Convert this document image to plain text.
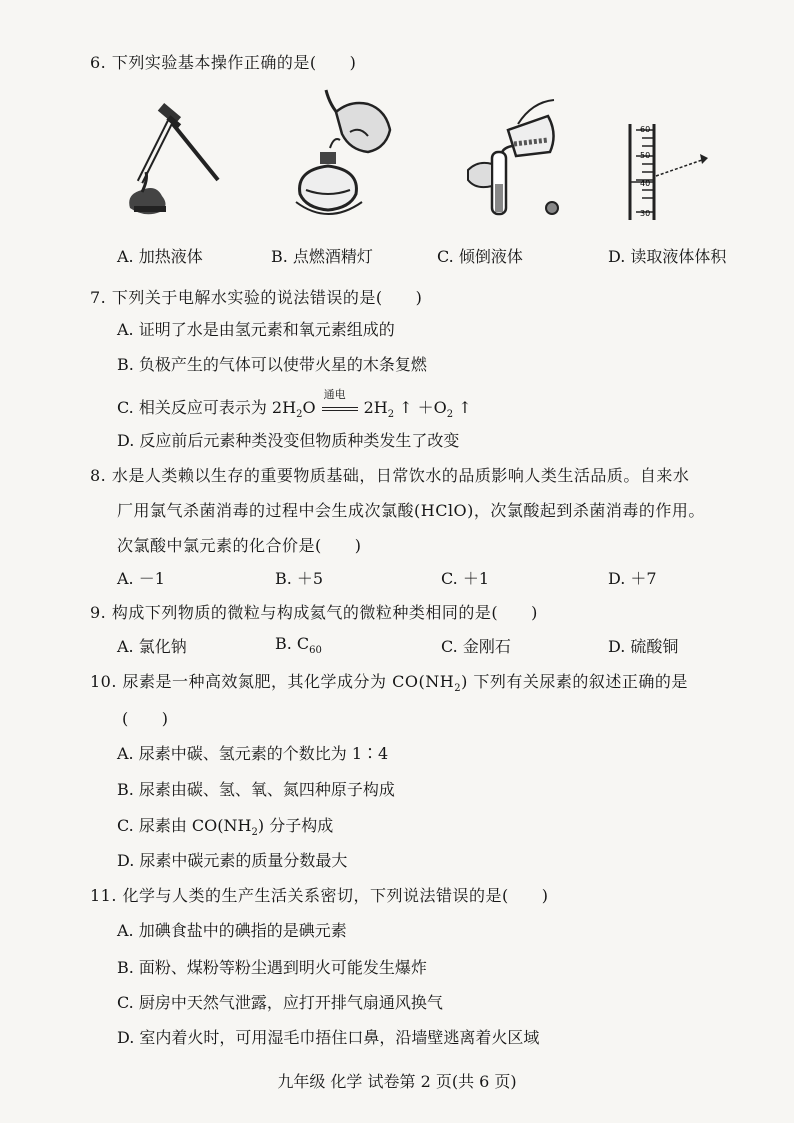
6. 下列实验基本操作正确的是(　　)
A. 加热液体	B. 点燃酒精灯	C. 倾倒液体
60
50
40
30
D. 读取液体体积
7. 下列关于电解水实验的说法错误的是(　　)
A. 证明了水是由氢元素和氧元素组成的
B. 负极产生的气体可以使带火星的木条复燃
C. 相关反应可表示为 $2H_2O$
通电
$2H_2$ ↑ $+O_2$ ↑
D. 反应前后元素种类没变但物质种类发生了改变
8. 水是人类赖以生存的重要物质基础，日常饮水的品质影响人类生活品质。自来水
厂用氯气杀菌消毒的过程中会生成次氯酸(HClO)，次氯酸起到杀菌消毒的作用。
次氯酸中氯元素的化合价是(　　)
A. －1	B. ＋5	C. ＋1	D. ＋7
9. 构成下列物质的微粒与构成氦气的微粒种类相同的是(　　)
A. 氯化钠	B. $C_{60}$	C. 金刚石	D. 硫酸铜
10. 尿素是一种高效氮肥，其化学成分为 $CO(NH_2)$ 下列有关尿素的叙述正确的是
(　　)
A. 尿素中碳、氢元素的个数比为 1∶4
B. 尿素由碳、氢、氧、氮四种原子构成
C. 尿素由 $CO(NH_2)$ 分子构成
D. 尿素中碳元素的质量分数最大
11. 化学与人类的生产生活关系密切，下列说法错误的是(　　)
A. 加碘食盐中的碘指的是碘元素
B. 面粉、煤粉等粉尘遇到明火可能发生爆炸
C. 厨房中天然气泄露，应打开排气扇通风换气
D. 室内着火时，可用湿毛巾捂住口鼻，沿墙壁逃离着火区域
九年级 化学 试卷第 2 页(共 6 页)
